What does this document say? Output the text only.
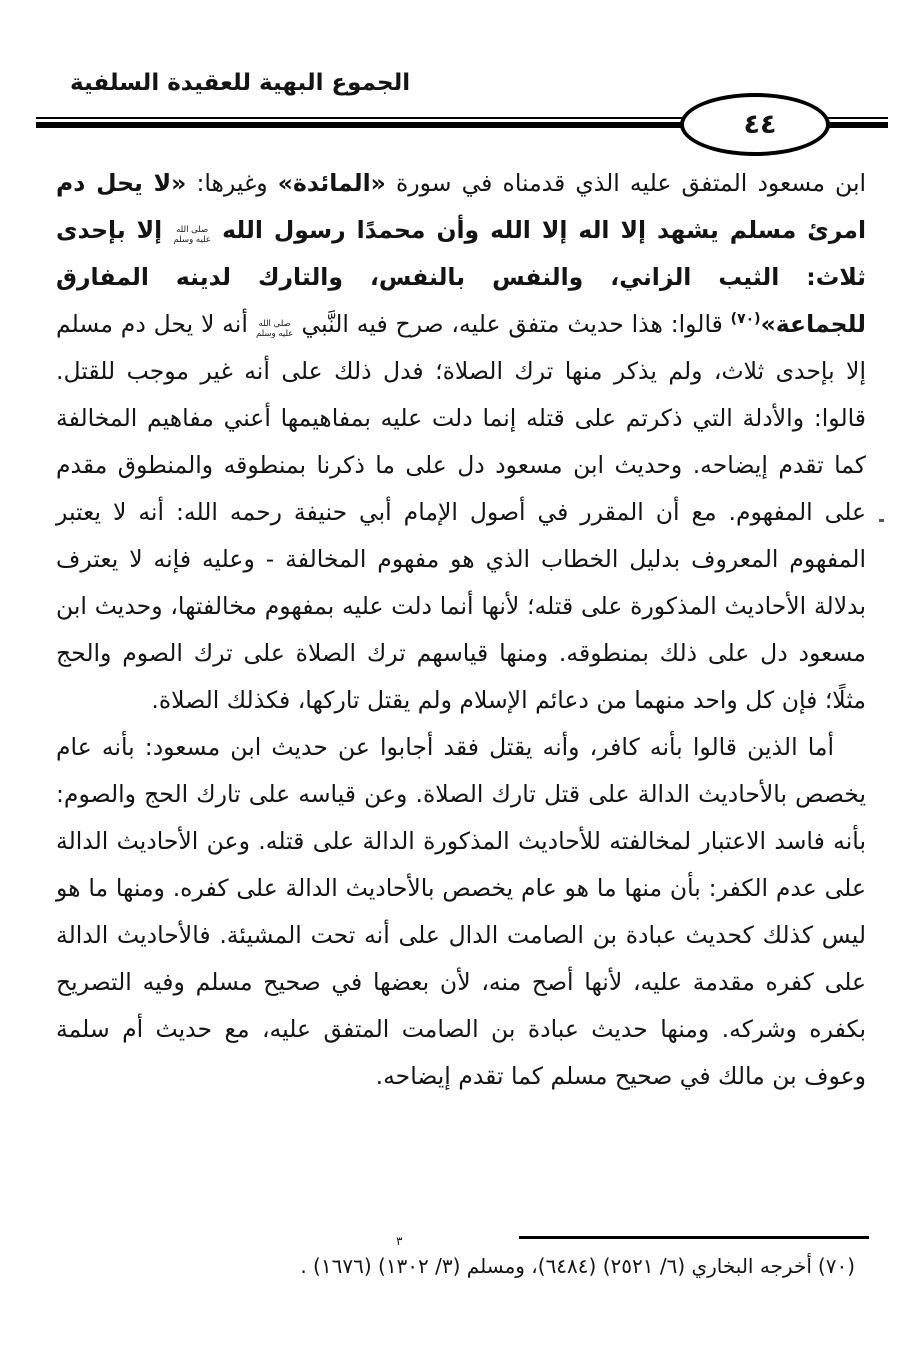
الجموع البهية للعقيدة السلفية
٤٤

ابن مسعود المتفق عليه الذي قدمناه في سورة «المائدة» وغيرها: «لا يحل دم امرئ مسلم يشهد إلا اله إلا الله وأن محمدًا رسول الله
صلى الله
عليه وسلم
إلا بإحدى ثلاث: الثيب الزاني، والنفس بالنفس، والتارك لدينه المفارق للجماعة»$^{(٧٠)}$ قالوا: هذا حديث متفق عليه، صرح فيه النَّبي
صلى الله
عليه وسلم
أنه لا يحل دم مسلم إلا بإحدى ثلاث، ولم يذكر منها ترك الصلاة؛ فدل ذلك على أنه غير موجب للقتل. قالوا: والأدلة التي ذكرتم على قتله إنما دلت عليه بمفاهيمها أعني مفاهيم المخالفة كما تقدم إيضاحه. وحديث ابن مسعود دل على ما ذكرنا بمنطوقه والمنطوق مقدم على المفهوم. مع أن المقرر في أصول الإمام أبي حنيفة رحمه الله: أنه لا يعتبر المفهوم المعروف بدليل الخطاب الذي هو مفهوم المخالفة - وعليه فإنه لا يعترف بدلالة الأحاديث المذكورة على قتله؛ لأنها أنما دلت عليه بمفهوم مخالفتها، وحديث ابن مسعود دل على ذلك بمنطوقه. ومنها قياسهم ترك الصلاة على ترك الصوم والحج مثلًا؛ فإن كل واحد منهما من دعائم الإسلام ولم يقتل تاركها، فكذلك الصلاة.

أما الذين قالوا بأنه كافر، وأنه يقتل فقد أجابوا عن حديث ابن مسعود: بأنه عام يخصص بالأحاديث الدالة على قتل تارك الصلاة. وعن قياسه على تارك الحج والصوم: بأنه فاسد الاعتبار لمخالفته للأحاديث المذكورة الدالة على قتله. وعن الأحاديث الدالة على عدم الكفر: بأن منها ما هو عام يخصص بالأحاديث الدالة على كفره. ومنها ما هو ليس كذلك كحديث عبادة بن الصامت الدال على أنه تحت المشيئة. فالأحاديث الدالة على كفره مقدمة عليه، لأنها أصح منه، لأن بعضها في صحيح مسلم وفيه التصريح بكفره وشركه. ومنها حديث عبادة بن الصامت المتفق عليه، مع حديث أم سلمة وعوف بن مالك في صحيح مسلم كما تقدم إيضاحه.

٣
(٧٠)أخرجه البخاري (٦/ ٢٥٢١) (٦٤٨٤)، ومسلم (٣/ ١٣٠٢) (١٦٧٦) .
